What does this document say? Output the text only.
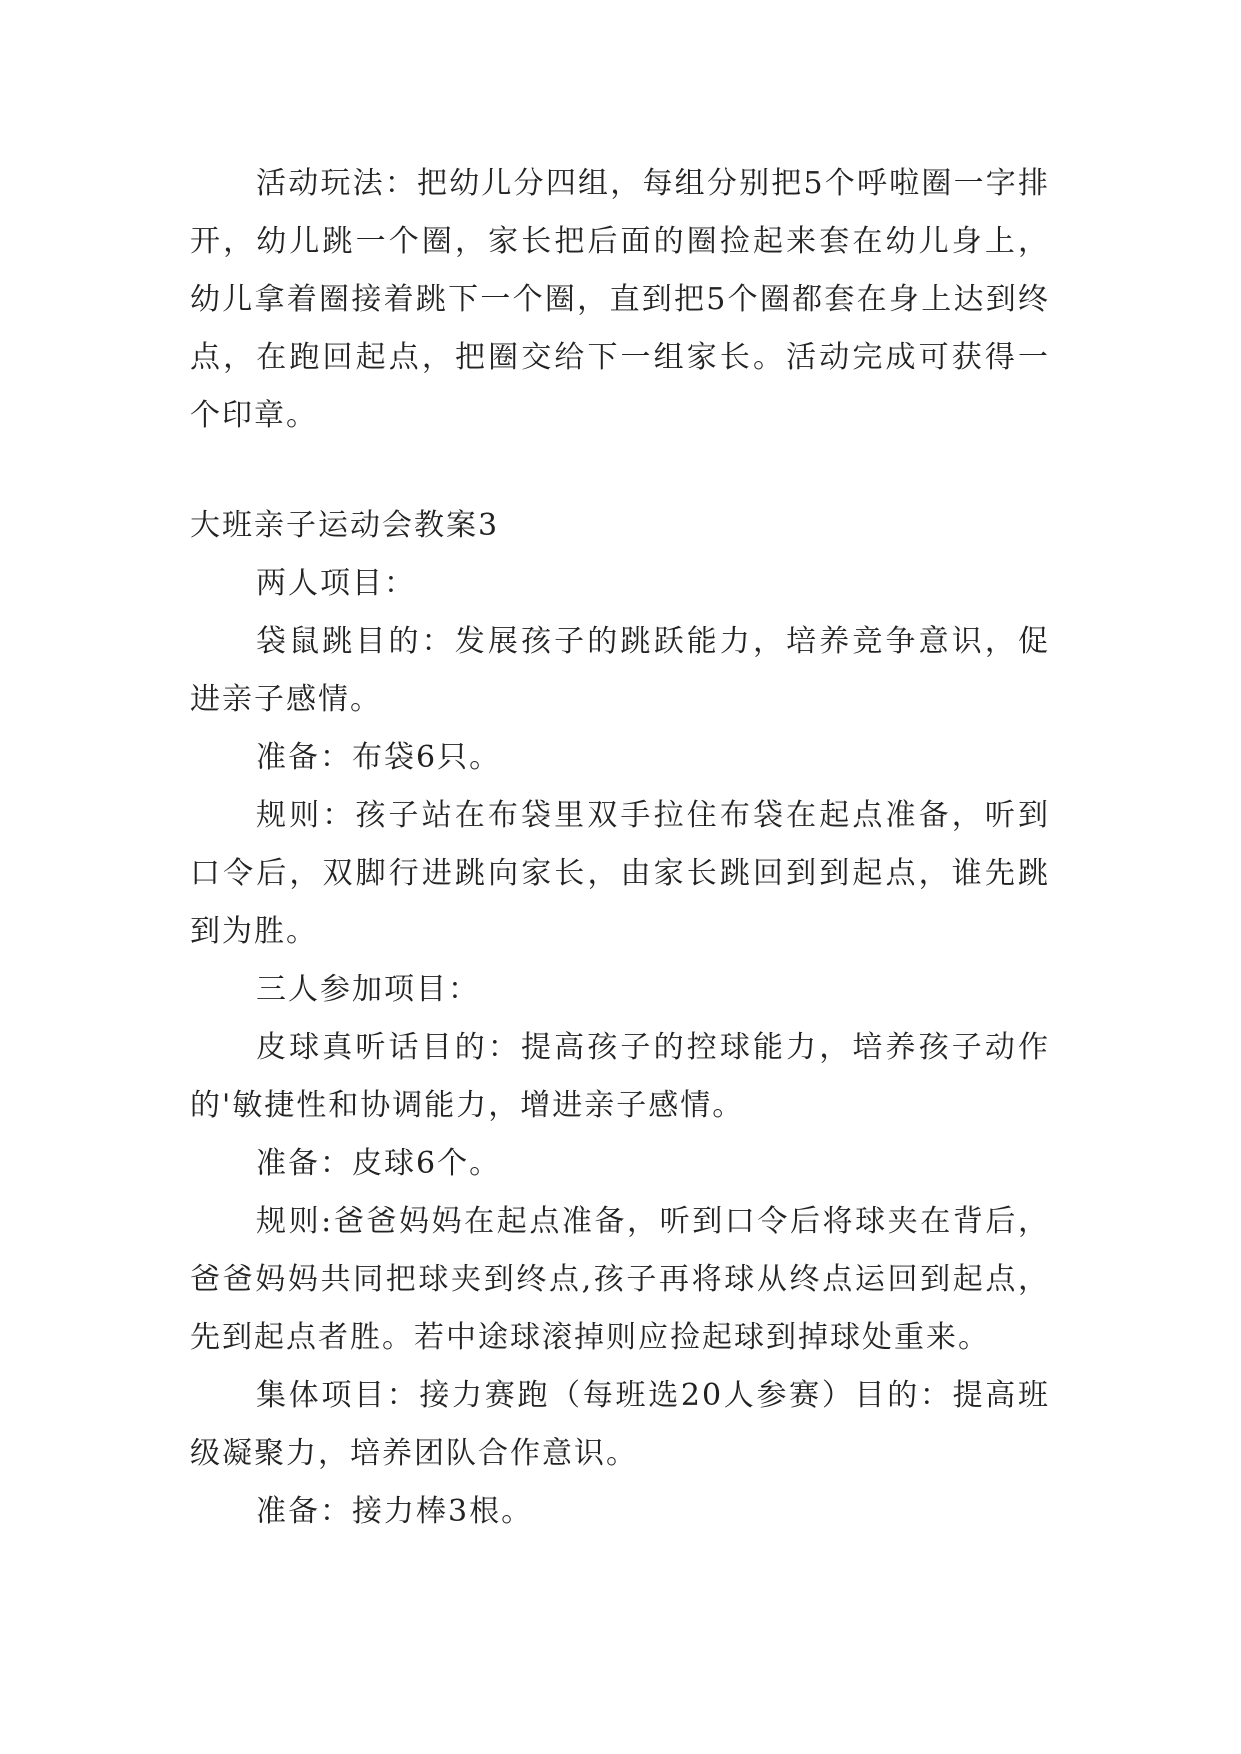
活动玩法：把幼儿分四组，每组分别把5个呼啦圈一字排开，幼儿跳一个圈，家长把后面的圈捡起来套在幼儿身上，幼儿拿着圈接着跳下一个圈，直到把5个圈都套在身上达到终点，在跑回起点，把圈交给下一组家长。活动完成可获得一个印章。

大班亲子运动会教案3

两人项目：

袋鼠跳目的：发展孩子的跳跃能力，培养竞争意识，促进亲子感情。

准备：布袋6只。

规则：孩子站在布袋里双手拉住布袋在起点准备，听到口令后，双脚行进跳向家长，由家长跳回到到起点，谁先跳到为胜。

三人参加项目：

皮球真听话目的：提高孩子的控球能力，培养孩子动作的'敏捷性和协调能力，增进亲子感情。

准备：皮球6个。

规则:爸爸妈妈在起点准备，听到口令后将球夹在背后，爸爸妈妈共同把球夹到终点,孩子再将球从终点运回到起点，先到起点者胜。若中途球滚掉则应捡起球到掉球处重来。

集体项目：接力赛跑（每班选20人参赛）目的：提高班级凝聚力，培养团队合作意识。

准备：接力棒3根。
